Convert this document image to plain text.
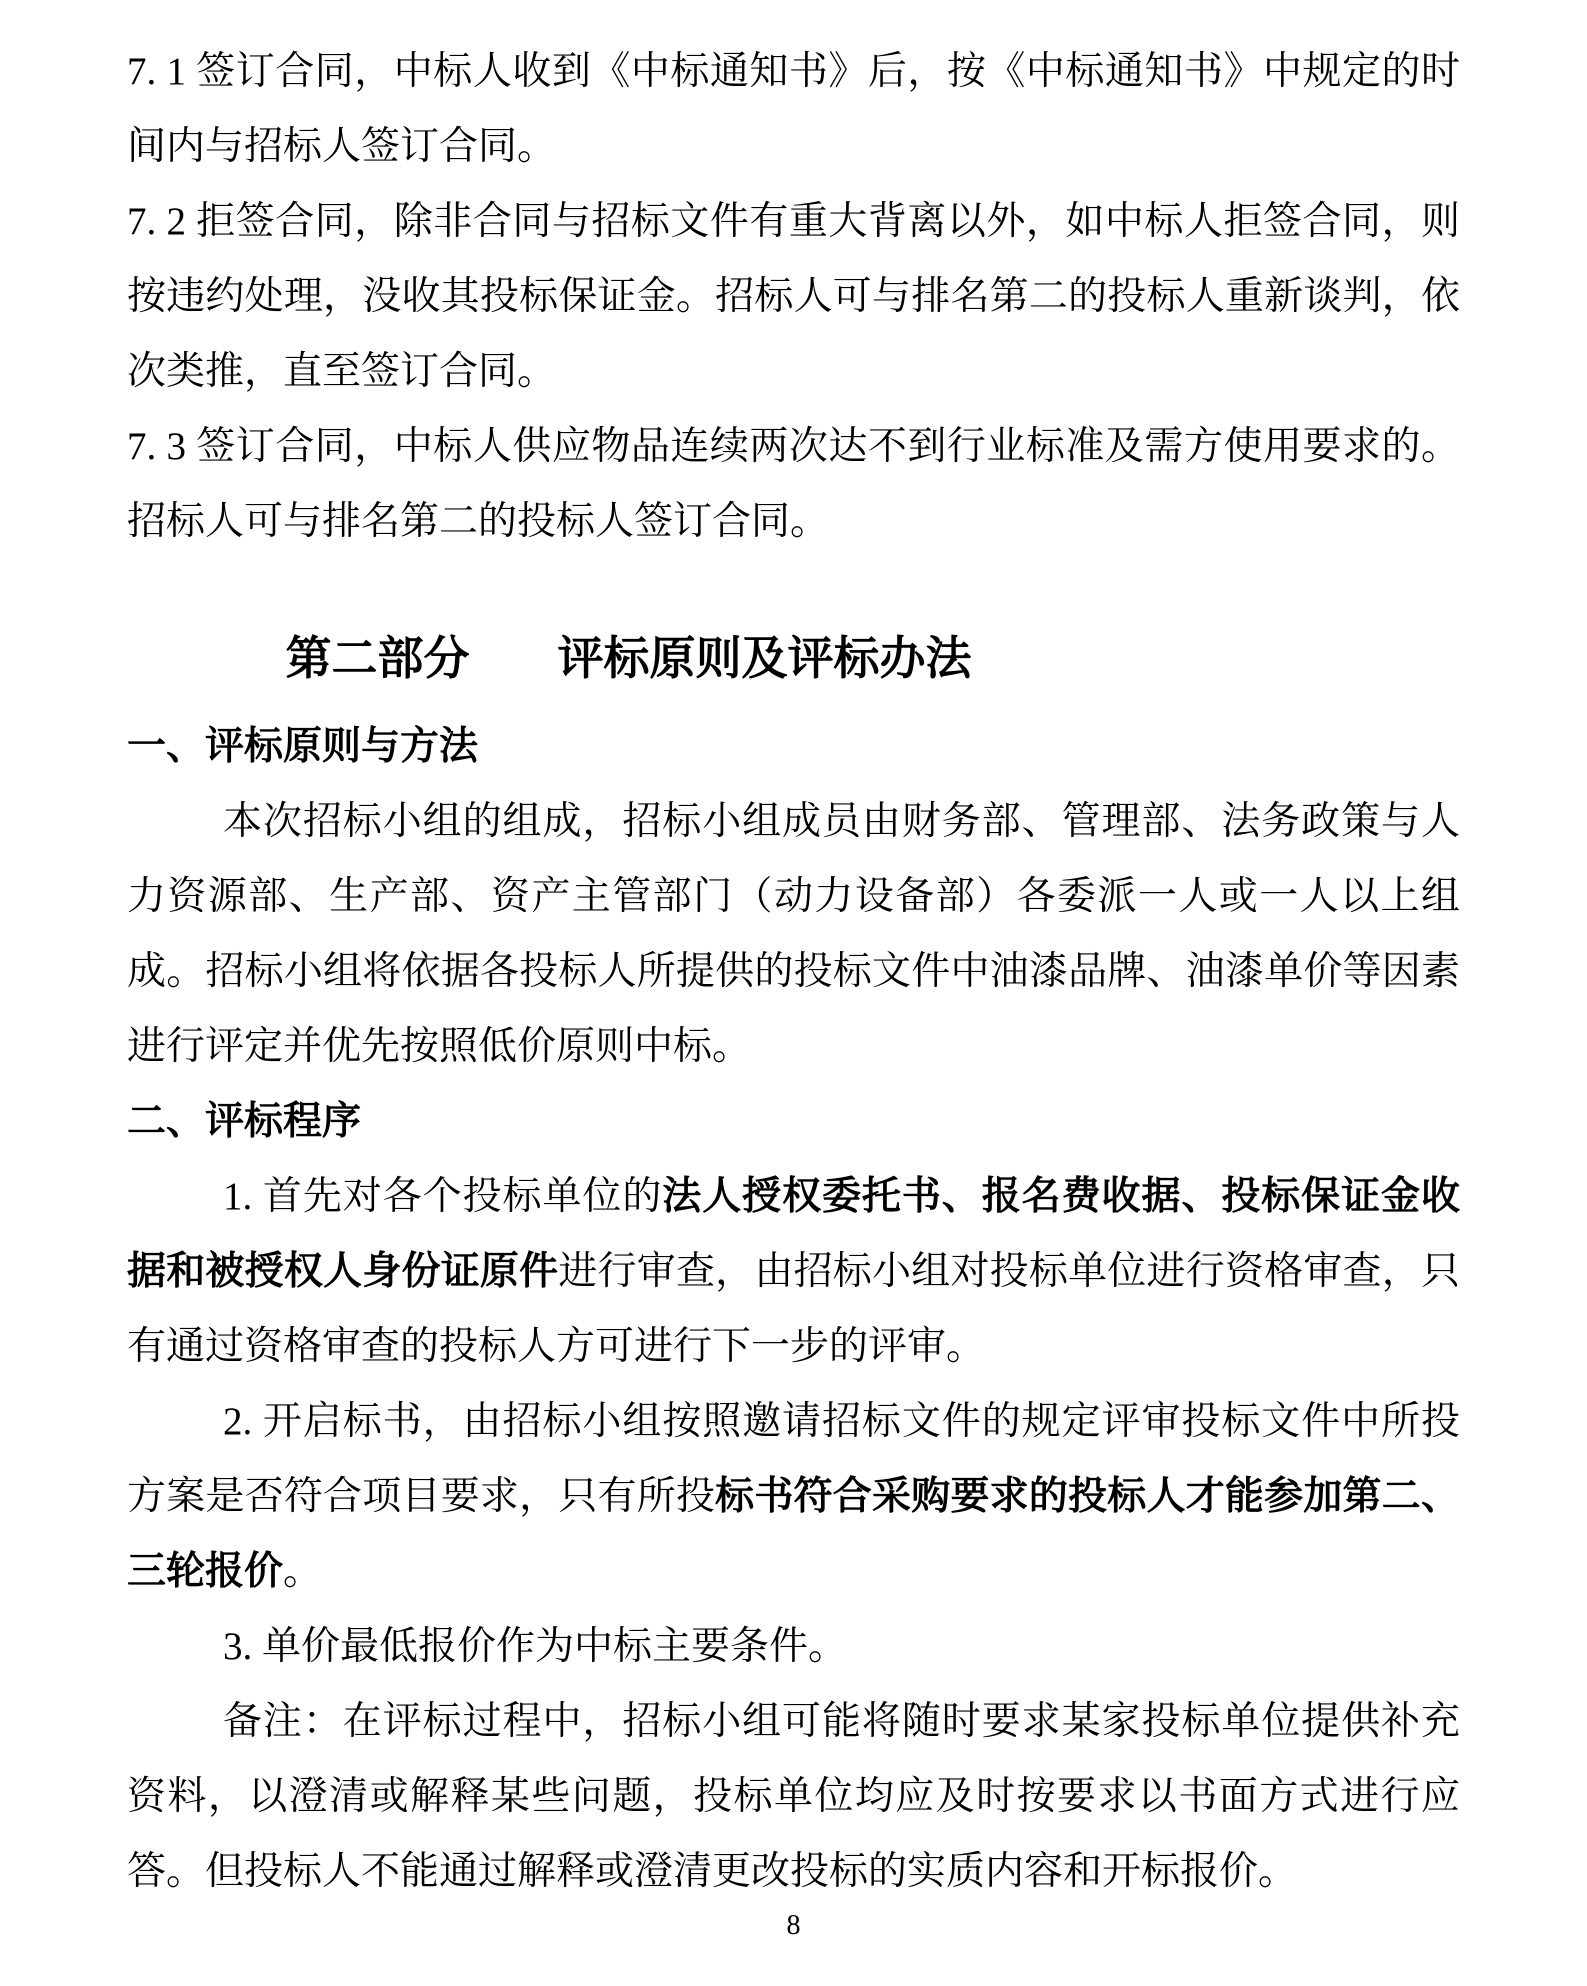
7. 1 签订合同，中标人收到《中标通知书》后，按《中标通知书》中规定的时间内与招标人签订合同。

7. 2 拒签合同，除非合同与招标文件有重大背离以外，如中标人拒签合同，则按违约处理，没收其投标保证金。招标人可与排名第二的投标人重新谈判，依次类推，直至签订合同。

7. 3 签订合同，中标人供应物品连续两次达不到行业标准及需方使用要求的。招标人可与排名第二的投标人签订合同。

第二部分 评标原则及评标办法

一、评标原则与方法

本次招标小组的组成，招标小组成员由财务部、管理部、法务政策与人力资源部、生产部、资产主管部门（动力设备部）各委派一人或一人以上组成。招标小组将依据各投标人所提供的投标文件中油漆品牌、油漆单价等因素进行评定并优先按照低价原则中标。

二、评标程序

1. 首先对各个投标单位的法人授权委托书、报名费收据、投标保证金收据和被授权人身份证原件进行审查，由招标小组对投标单位进行资格审查，只有通过资格审查的投标人方可进行下一步的评审。

2. 开启标书，由招标小组按照邀请招标文件的规定评审投标文件中所投方案是否符合项目要求，只有所投标书符合采购要求的投标人才能参加第二、三轮报价。

3. 单价最低报价作为中标主要条件。

备注：在评标过程中，招标小组可能将随时要求某家投标单位提供补充资料，以澄清或解释某些问题，投标单位均应及时按要求以书面方式进行应答。但投标人不能通过解释或澄清更改投标的实质内容和开标报价。

8
